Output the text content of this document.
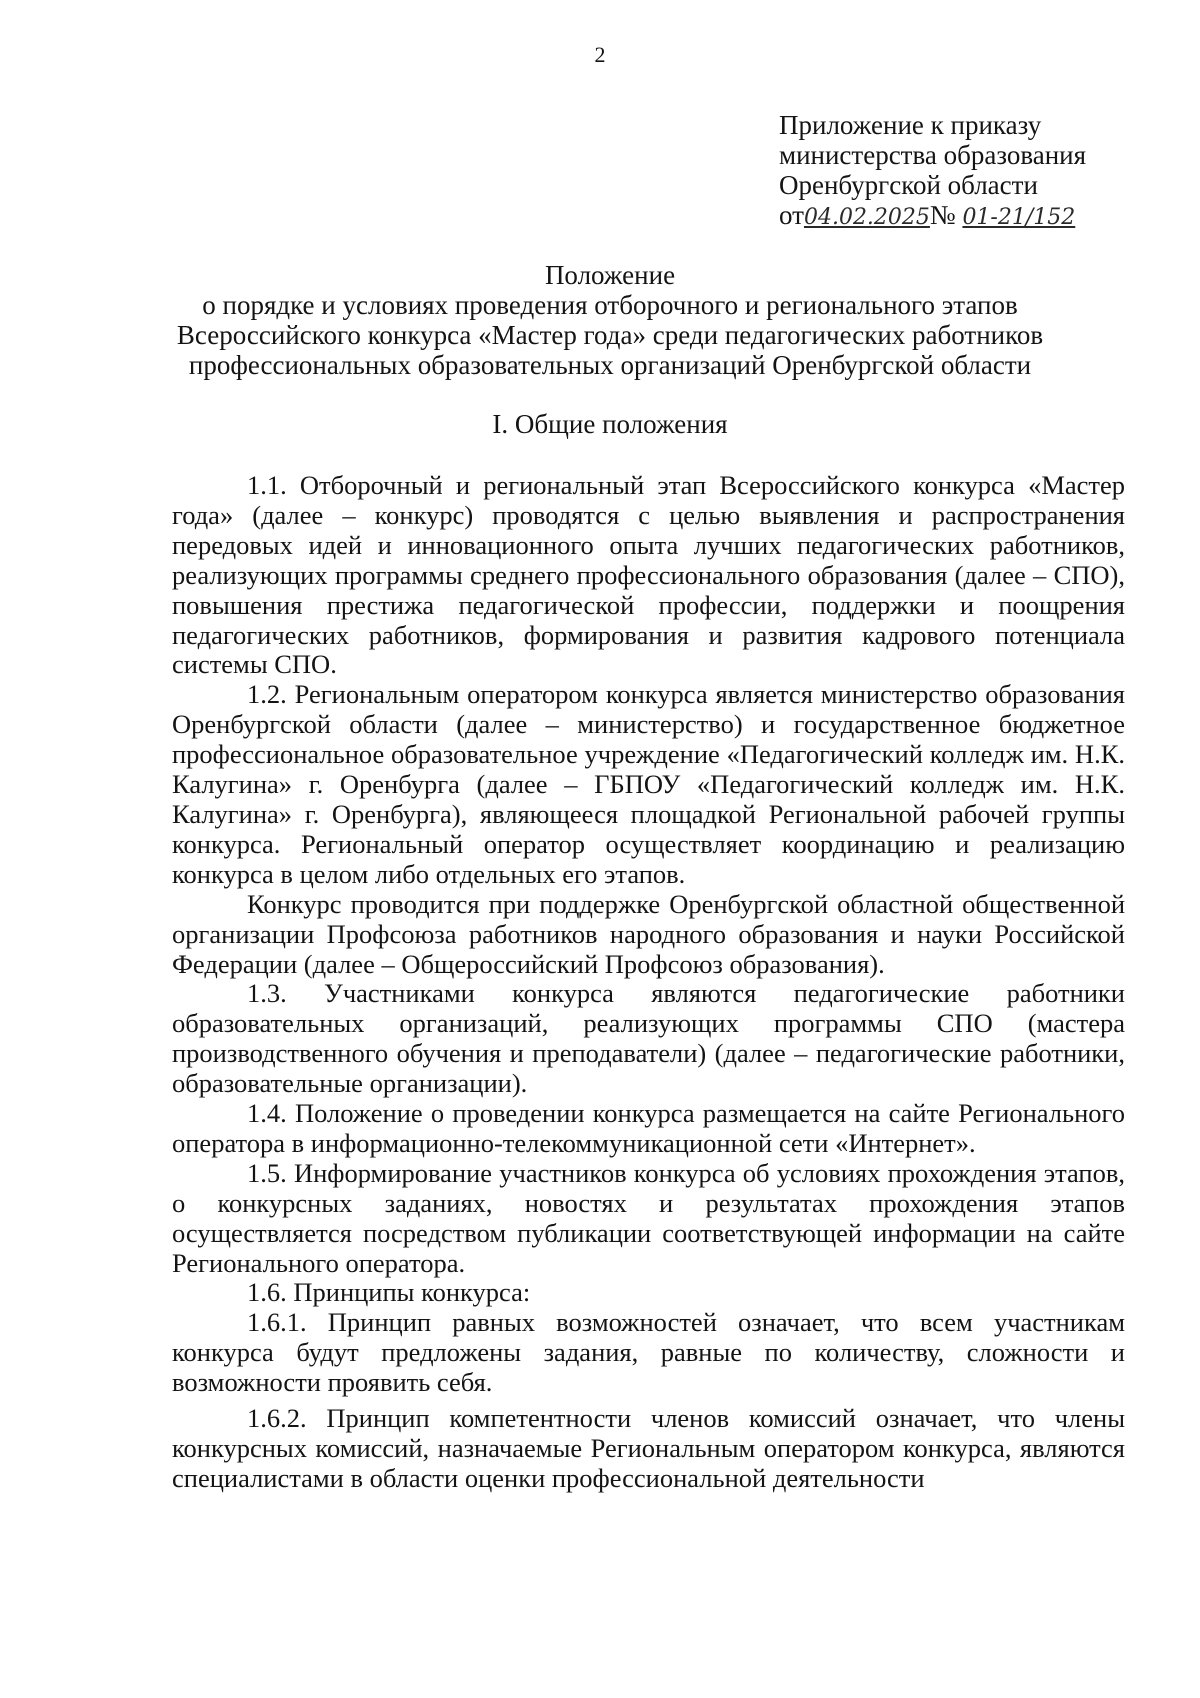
2
Приложение к приказу
министерства образования
Оренбургской области
от04.02.2025№ 01-21/152
Положение
о порядке и условиях проведения отборочного и регионального этапов
Всероссийского конкурса «Мастер года» среди педагогических работников
профессиональных образовательных организаций Оренбургской области
I. Общие положения

1.1. Отборочный и региональный этап Всероссийского конкурса «Мастер года» (далее – конкурс) проводятся с целью выявления и распространения передовых идей и инновационного опыта лучших педагогических работников, реализующих программы среднего профессионального образования (далее – СПО), повышения престижа педагогической профессии, поддержки и поощрения педагогических работников, формирования и развития кадрового потенциала системы СПО.

1.2. Региональным оператором конкурса является министерство образования Оренбургской области (далее – министерство) и государственное бюджетное профессиональное образовательное учреждение «Педагогический колледж им. Н.К. Калугина» г. Оренбурга (далее – ГБПОУ «Педагогический колледж им. Н.К. Калугина» г. Оренбурга), являющееся площадкой Региональной рабочей группы конкурса. Региональный оператор осуществляет координацию и реализацию конкурса в целом либо отдельных его этапов.

Конкурс проводится при поддержке Оренбургской областной общественной организации Профсоюза работников народного образования и науки Российской Федерации (далее – Общероссийский Профсоюз образования).

1.3. Участниками конкурса являются педагогические работники образовательных организаций, реализующих программы СПО (мастера производственного обучения и преподаватели) (далее – педагогические работники, образовательные организации).

1.4. Положение о проведении конкурса размещается на сайте Регионального оператора в информационно-телекоммуникационной сети «Интернет».

1.5. Информирование участников конкурса об условиях прохождения этапов, о конкурсных заданиях, новостях и результатах прохождения этапов осуществляется посредством публикации соответствующей информации на сайте Регионального оператора.

1.6. Принципы конкурса:

1.6.1. Принцип равных возможностей означает, что всем участникам конкурса будут предложены задания, равные по количеству, сложности и возможности проявить себя.

1.6.2. Принцип компетентности членов комиссий означает, что члены конкурсных комиссий, назначаемые Региональным оператором конкурса, являются специалистами в области оценки профессиональной деятельности
